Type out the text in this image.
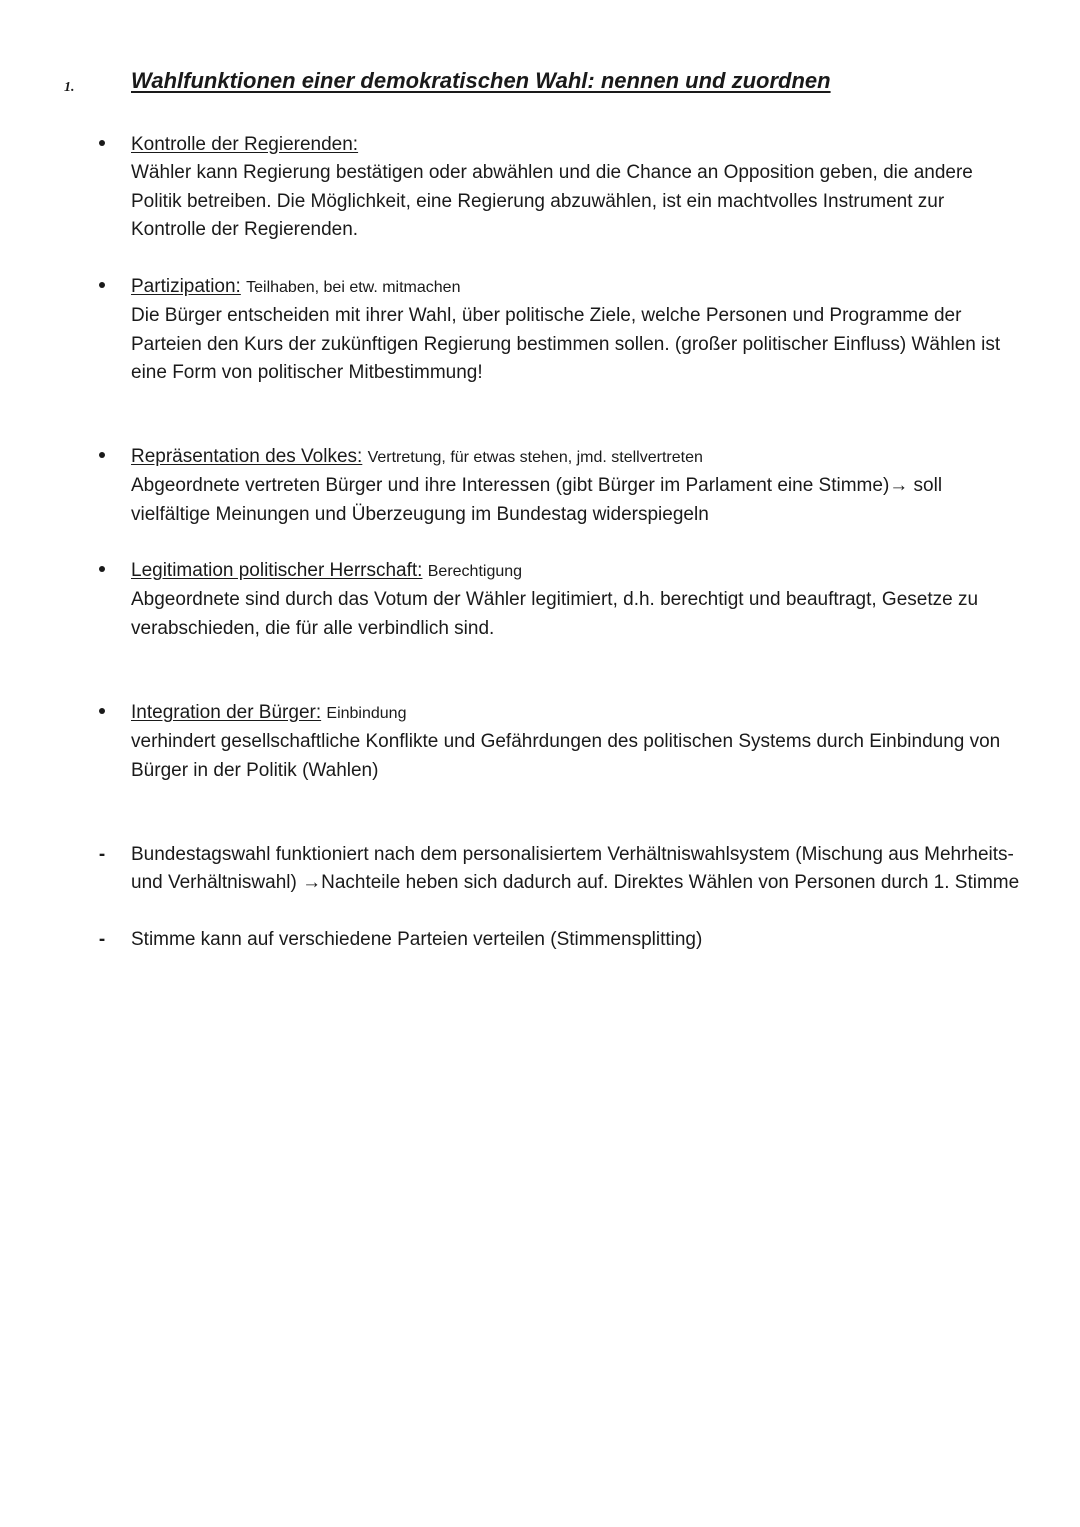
1.	Wahlfunktionen einer demokratischen Wahl: nennen und zuordnen
Kontrolle der Regierenden:
Wähler kann Regierung bestätigen oder abwählen und die Chance an Opposition geben, die andere Politik betreiben. Die Möglichkeit, eine Regierung abzuwählen, ist ein machtvolles Instrument zur Kontrolle der Regierenden.
Partizipation: Teilhaben, bei etw. mitmachen
Die Bürger entscheiden mit ihrer Wahl, über politische Ziele, welche Personen und Programme der Parteien den Kurs der zukünftigen Regierung bestimmen sollen. (großer politischer Einfluss) Wählen ist eine Form von politischer Mitbestimmung!
Repräsentation des Volkes: Vertretung, für etwas stehen, jmd. stellvertreten
Abgeordnete vertreten Bürger und ihre Interessen (gibt Bürger im Parlament eine Stimme)→ soll vielfältige Meinungen und Überzeugung im Bundestag widerspiegeln
Legitimation politischer Herrschaft: Berechtigung
Abgeordnete sind durch das Votum der Wähler legitimiert, d.h. berechtigt und beauftragt, Gesetze zu verabschieden, die für alle verbindlich sind.
Integration der Bürger: Einbindung
verhindert gesellschaftliche Konflikte und Gefährdungen des politischen Systems durch Einbindung von Bürger in der Politik (Wahlen)
-
Bundestagswahl funktioniert nach dem personalisiertem Verhältniswahlsystem (Mischung aus Mehrheits- und Verhältniswahl) →Nachteile heben sich dadurch auf. Direktes Wählen von Personen durch 1. Stimme
-
Stimme kann auf verschiedene Parteien verteilen (Stimmensplitting)
